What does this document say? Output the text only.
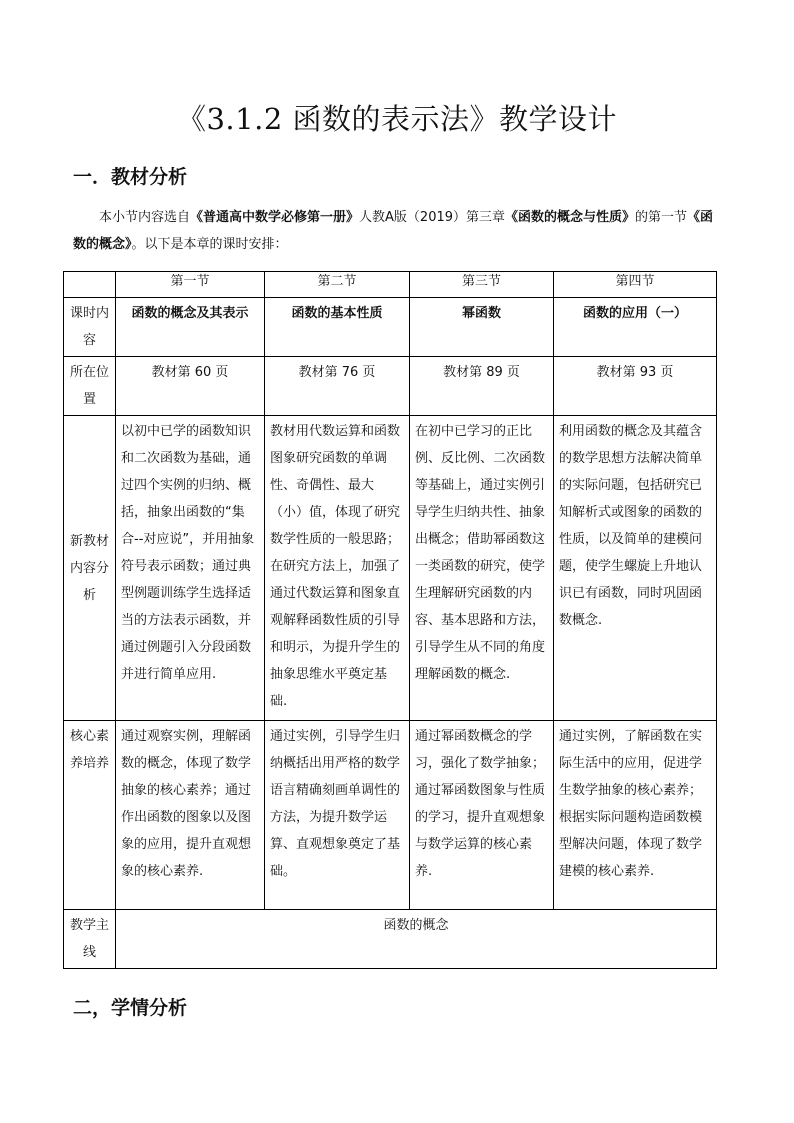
《3.1.2 函数的表示法》教学设计
一．教材分析
本小节内容选自《普通高中数学必修第一册》人教A版（2019）第三章《函数的概念与性质》的第一节《函数的概念》。以下是本章的课时安排：
	第一节	第二节	第三节	第四节
课时内容	函数的概念及其表示	函数的基本性质	幂函数	函数的应用（一）
所在位置	教材第 60 页	教材第 76 页	教材第 89 页	教材第 93 页
新教材内容分析	以初中已学的函数知识和二次函数为基础，通过四个实例的归纳、概括，抽象出函数的“集合--对应说”，并用抽象符号表示函数；通过典型例题训练学生选择适当的方法表示函数，并通过例题引入分段函数并进行简单应用.	教材用代数运算和函数图象研究函数的单调性、奇偶性、最大（小）值，体现了研究数学性质的一般思路；在研究方法上，加强了通过代数运算和图象直观解释函数性质的引导和明示，为提升学生的抽象思维水平奠定基础.	在初中已学习的正比例、反比例、二次函数等基础上，通过实例引导学生归纳共性、抽象出概念；借助幂函数这一类函数的研究，使学生理解研究函数的内容、基本思路和方法，引导学生从不同的角度理解函数的概念.	利用函数的概念及其蕴含的数学思想方法解决简单的实际问题，包括研究已知解析式或图象的函数的性质，以及简单的建模问题，使学生螺旋上升地认识已有函数，同时巩固函数概念.
核心素养培养	通过观察实例，理解函数的概念，体现了数学抽象的核心素养；通过作出函数的图象以及图象的应用，提升直观想象的核心素养.	通过实例，引导学生归纳概括出用严格的数学语言精确刻画单调性的方法，为提升数学运算、直观想象奠定了基础。	通过幂函数概念的学习，强化了数学抽象；通过幂函数图象与性质的学习，提升直观想象与数学运算的核心素养.	通过实例，了解函数在实际生活中的应用，促进学生数学抽象的核心素养；根据实际问题构造函数模型解决问题，体现了数学建模的核心素养.
教学主线	函数的概念			
二，学情分析
